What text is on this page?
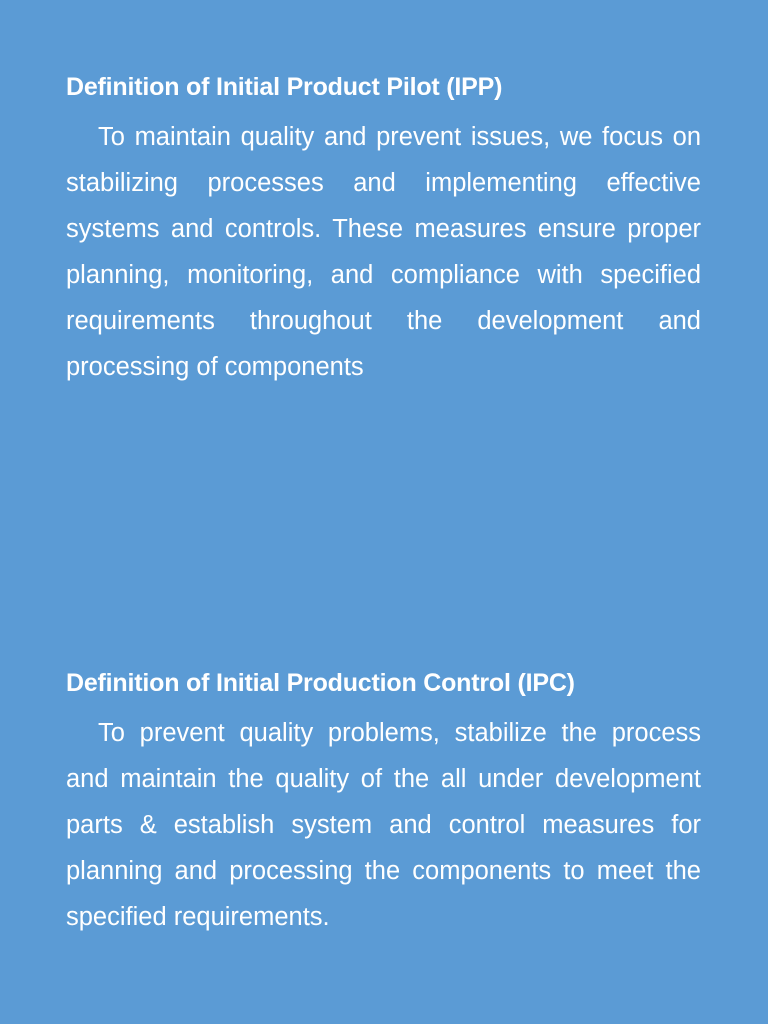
Definition of Initial Product Pilot (IPP)

To maintain quality and prevent issues, we focus on stabilizing processes and implementing effective systems and controls. These measures ensure proper planning, monitoring, and compliance with specified requirements throughout the development and processing of components

Definition of Initial Production Control (IPC)

To prevent quality problems, stabilize the process and maintain the quality of the all under development parts & establish system and control measures for planning and processing the components to meet the specified requirements.
